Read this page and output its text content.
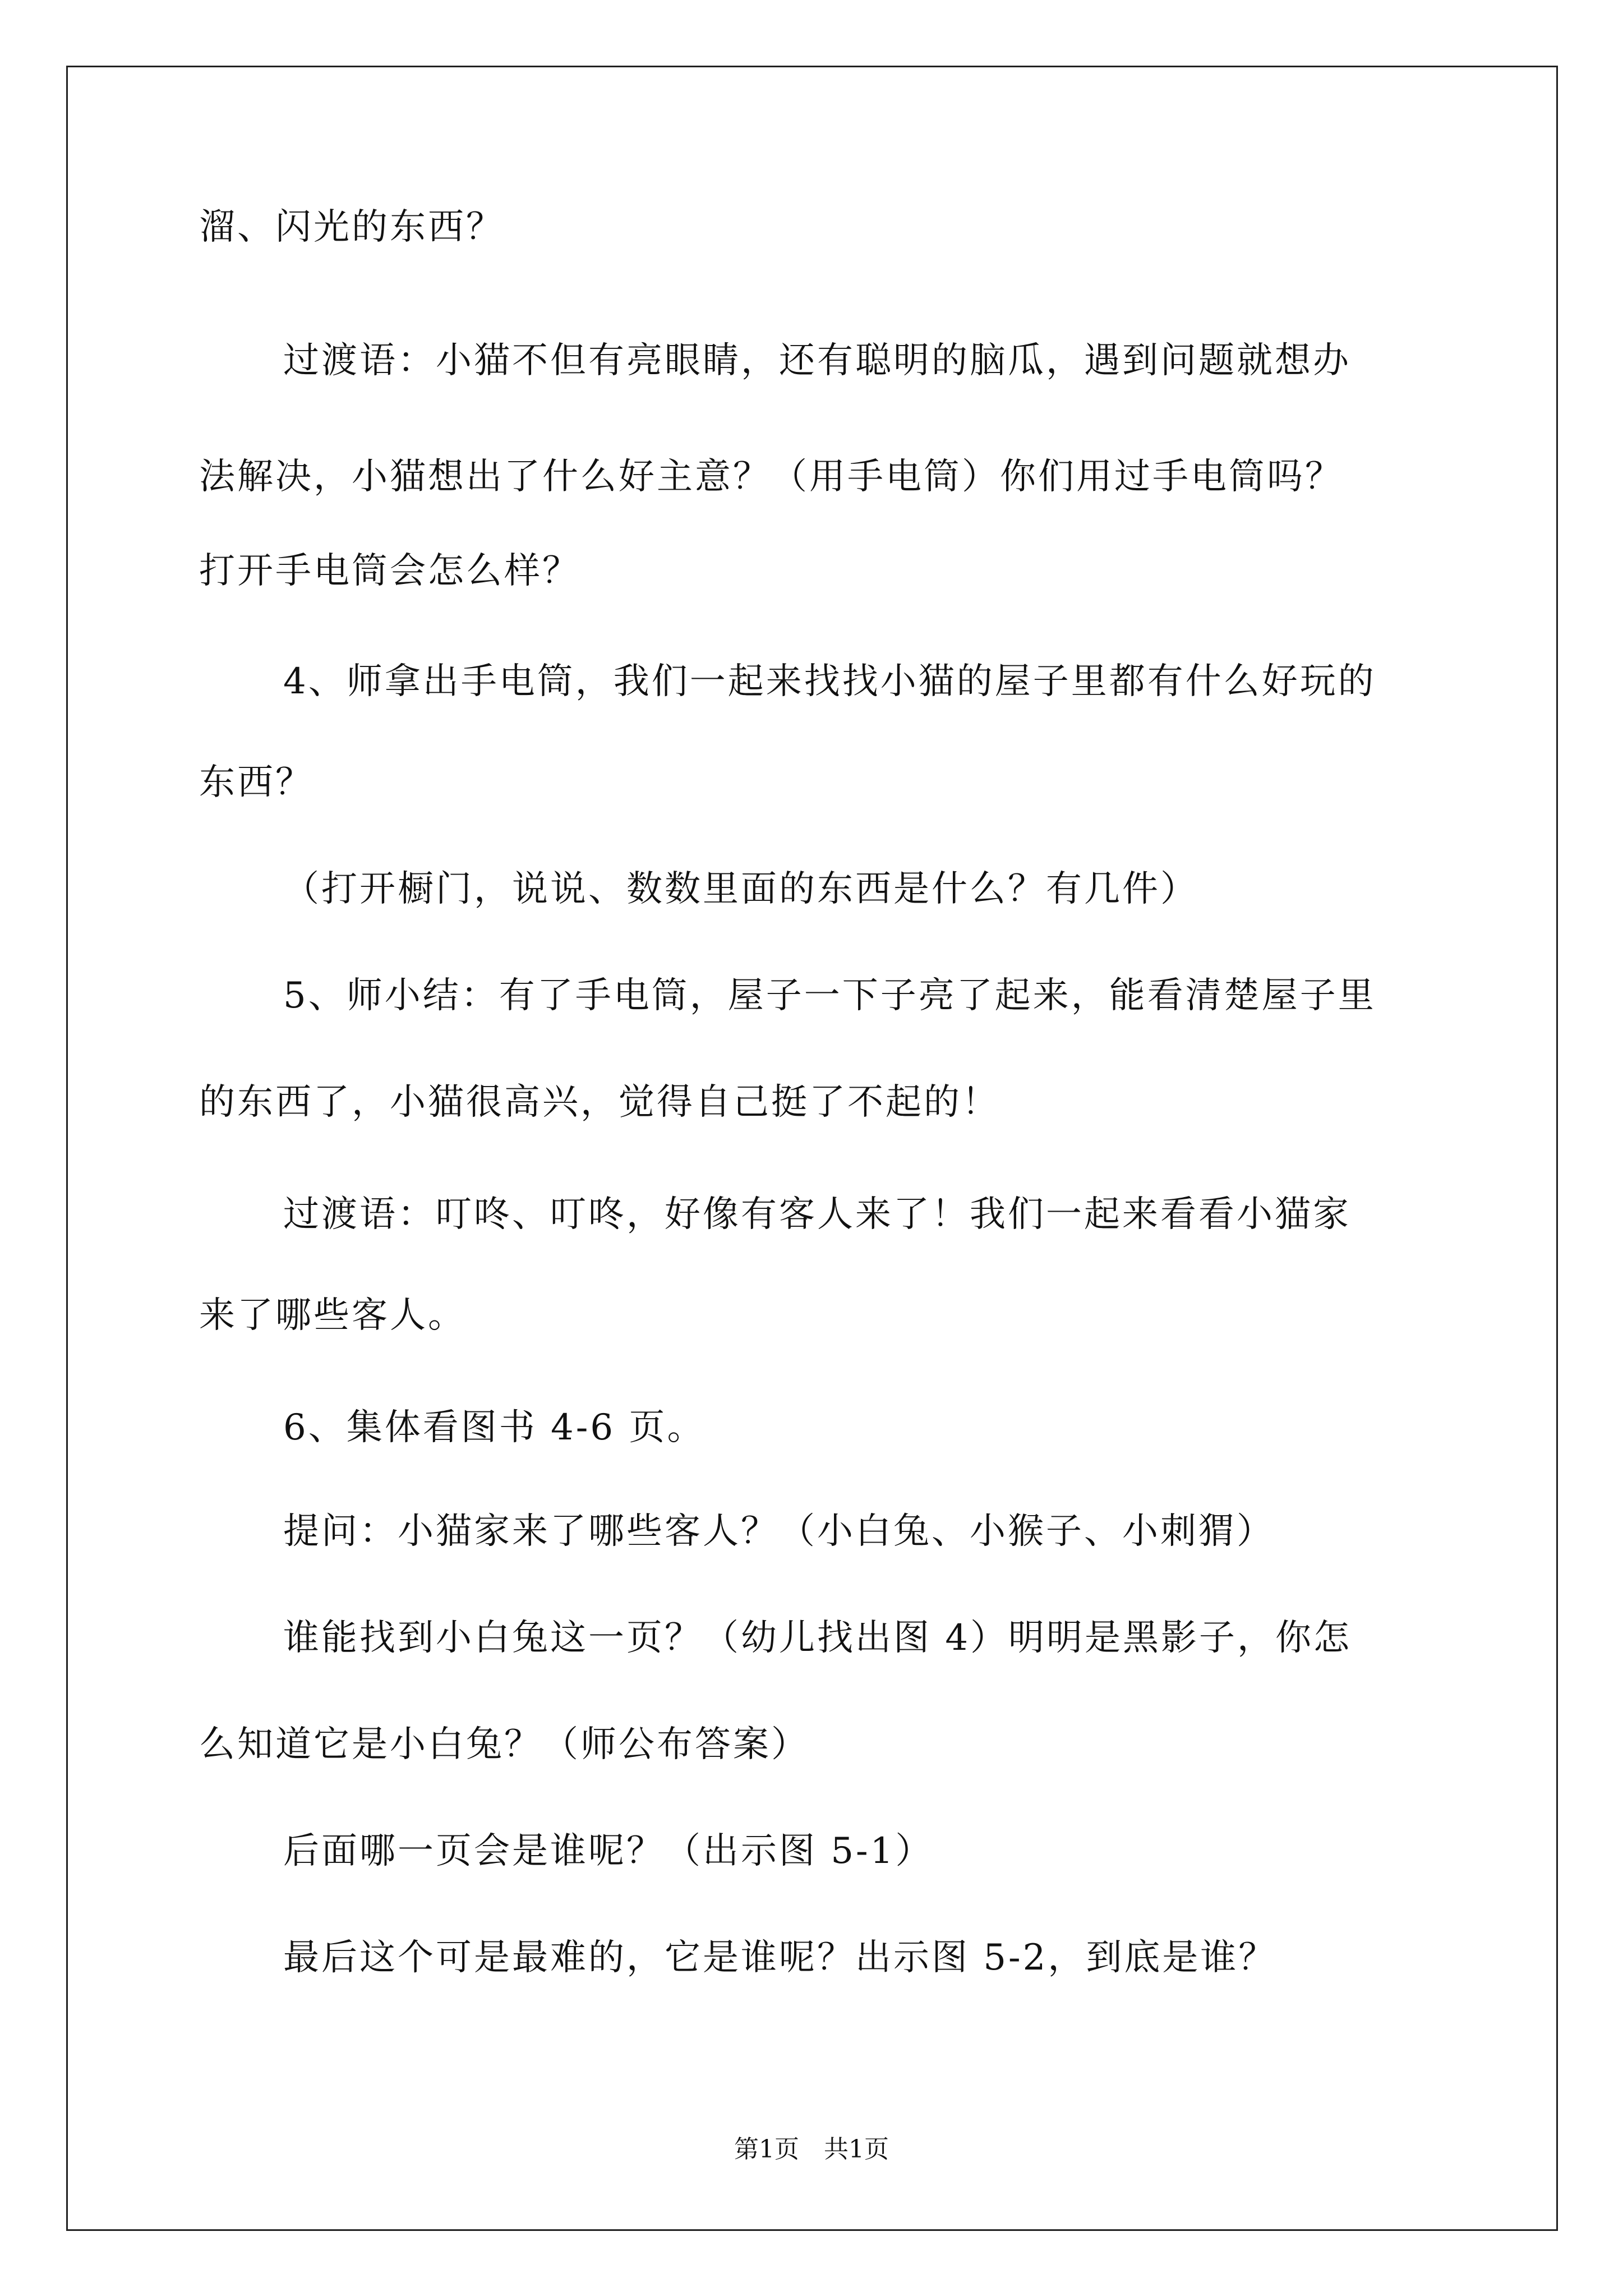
溜、闪光的东西？
过渡语：小猫不但有亮眼睛，还有聪明的脑瓜，遇到问题就想办
法解决，小猫想出了什么好主意？（用手电筒）你们用过手电筒吗？
打开手电筒会怎么样？
4、师拿出手电筒，我们一起来找找小猫的屋子里都有什么好玩的
东西？
（打开橱门，说说、数数里面的东西是什么？有几件）
5、师小结：有了手电筒，屋子一下子亮了起来，能看清楚屋子里
的东西了，小猫很高兴，觉得自己挺了不起的！
过渡语：叮咚、叮咚，好像有客人来了！我们一起来看看小猫家
来了哪些客人。
6、集体看图书 4-6 页。
提问：小猫家来了哪些客人？（小白兔、小猴子、小刺猬）
谁能找到小白兔这一页？（幼儿找出图 4）明明是黑影子，你怎
么知道它是小白兔？（师公布答案）
后面哪一页会是谁呢？（出示图 5-1）
最后这个可是最难的，它是谁呢？出示图 5-2，到底是谁？
第1页　共1页
